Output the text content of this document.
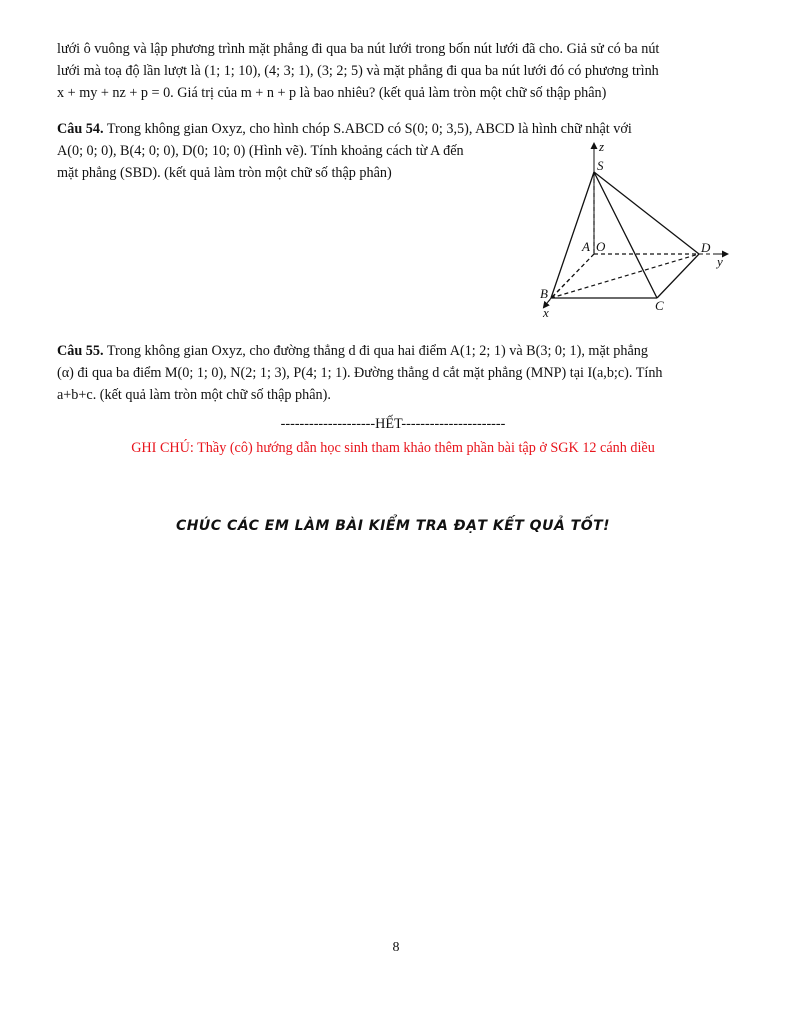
lưới ô vuông và lập phương trình mặt phẳng đi qua ba nút lưới trong bốn nút lưới đã cho. Giả sử có ba nút

lưới mà toạ độ lần lượt là (1; 1; 10), (4; 3; 1), (3; 2; 5) và mặt phẳng đi qua ba nút lưới đó có phương trình

x + my + nz + p = 0. Giá trị của m + n + p là bao nhiêu? (kết quả làm tròn một chữ số thập phân)

Câu 54. Trong không gian Oxyz, cho hình chóp S.ABCD có S(0; 0; 3,5), ABCD là hình chữ nhật với

A(0; 0; 0), B(4; 0; 0), D(0; 10; 0) (Hình vẽ). Tính khoảng cách từ A đến

mặt phẳng (SBD). (kết quả làm tròn một chữ số thập phân)

Câu 55. Trong không gian Oxyz, cho đường thẳng d đi qua hai điểm A(1; 2; 1) và B(3; 0; 1), mặt phẳng

(α) đi qua ba điểm M(0; 1; 0), N(2; 1; 3), P(4; 1; 1). Đường thẳng d cắt mặt phẳng (MNP) tại I(a,b;c). Tính

a+b+c. (kết quả làm tròn một chữ số thập phân).

--------------------HẾT----------------------
GHI CHÚ: Thầy (cô) hướng dẫn học sinh tham khảo thêm phần bài tập ở SGK 12 cánh diều
CHÚC CÁC EM LÀM BÀI KIỂM TRA ĐẠT KẾT QUẢ TỐT!
z
S
A O	D
y
B
C
x
8
